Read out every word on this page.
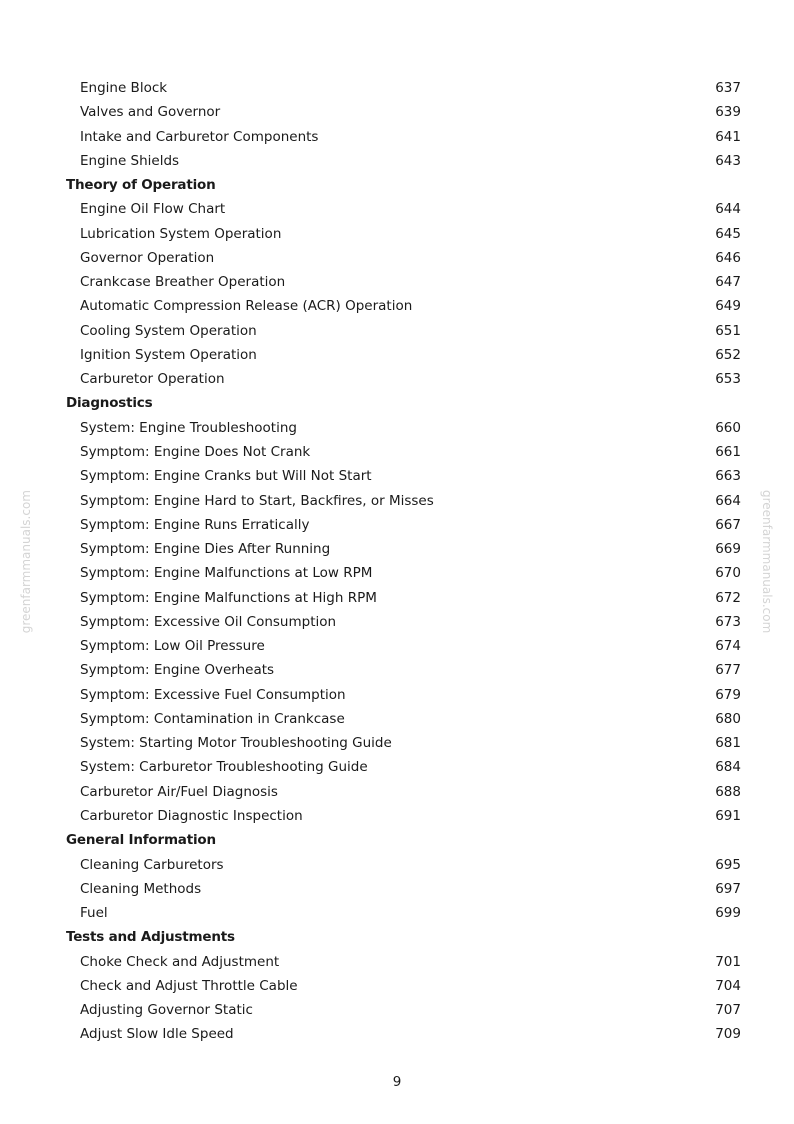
Engine Block	637
Valves and Governor	639
Intake and Carburetor Components	641
Engine Shields	643
Theory of Operation
Engine Oil Flow Chart	644
Lubrication System Operation	645
Governor Operation	646
Crankcase Breather Operation	647
Automatic Compression Release (ACR) Operation	649
Cooling System Operation	651
Ignition System Operation	652
Carburetor Operation	653
Diagnostics
System: Engine Troubleshooting	660
Symptom: Engine Does Not Crank	661
Symptom: Engine Cranks but Will Not Start	663
Symptom: Engine Hard to Start, Backfires, or Misses	664
Symptom: Engine Runs Erratically	667
Symptom: Engine Dies After Running	669
Symptom: Engine Malfunctions at Low RPM	670
Symptom: Engine Malfunctions at High RPM	672
Symptom: Excessive Oil Consumption	673
Symptom: Low Oil Pressure	674
Symptom: Engine Overheats	677
Symptom: Excessive Fuel Consumption	679
Symptom: Contamination in Crankcase	680
System: Starting Motor Troubleshooting Guide	681
System: Carburetor Troubleshooting Guide	684
Carburetor Air/Fuel Diagnosis	688
Carburetor Diagnostic Inspection	691
General Information
Cleaning Carburetors	695
Cleaning Methods	697
Fuel	699
Tests and Adjustments
Choke Check and Adjustment	701
Check and Adjust Throttle Cable	704
Adjusting Governor Static	707
Adjust Slow Idle Speed	709
greenfarmmanuals.com	greenfarmmanuals.com
9
